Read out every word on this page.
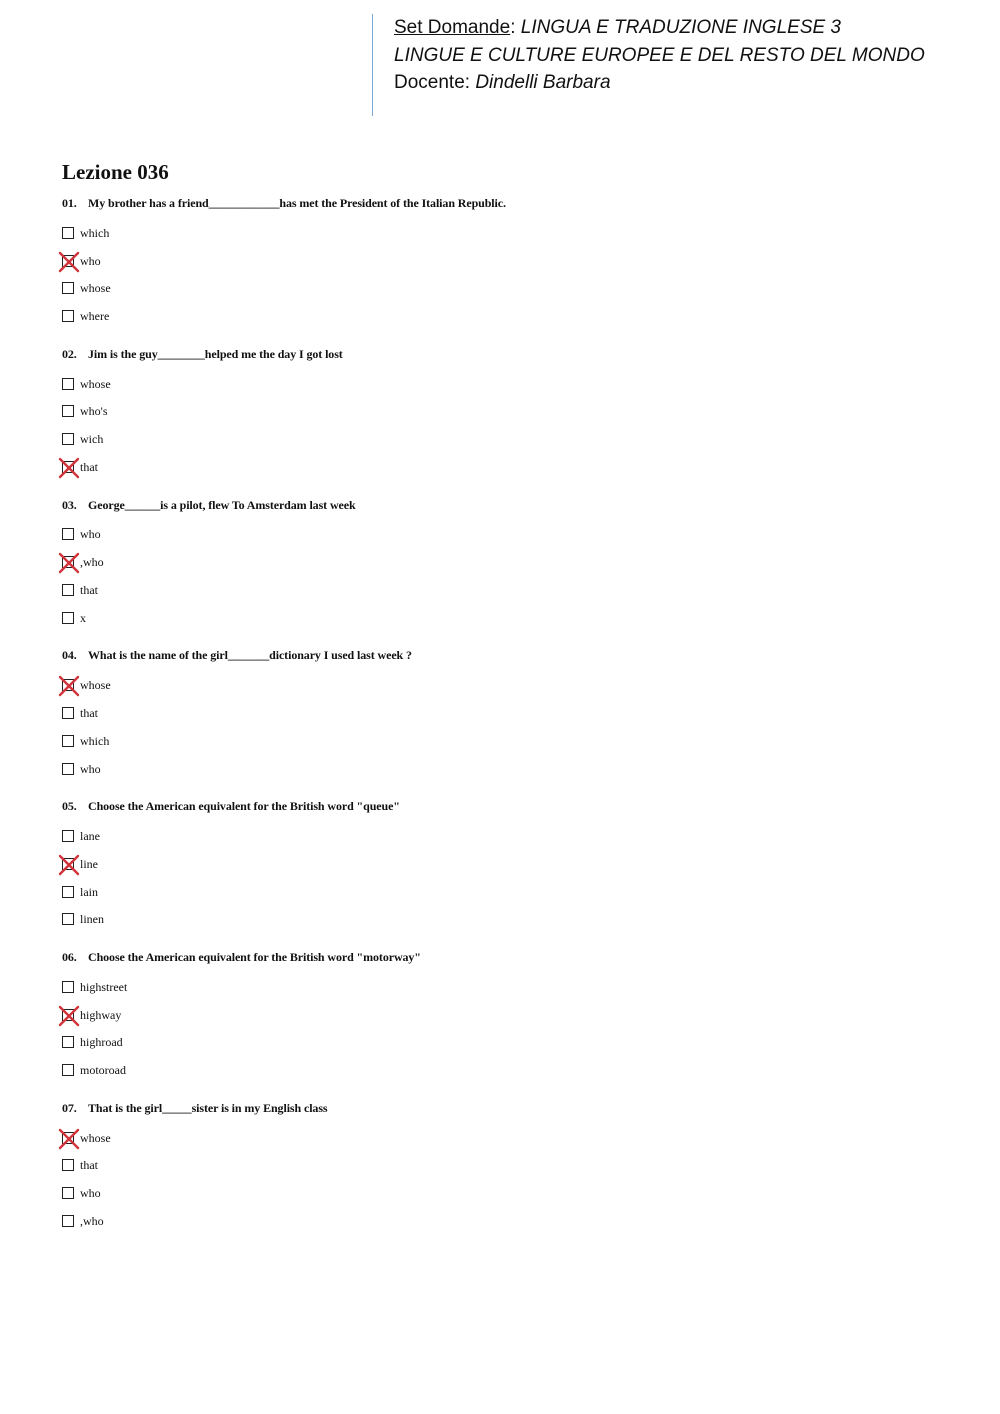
Set Domande: LINGUA E TRADUZIONE INGLESE 3
LINGUE E CULTURE EUROPEE E DEL RESTO DEL MONDO
Docente: Dindelli Barbara
Lezione 036
01. My brother has a friend____________has met the President of the Italian Republic.
which
who
whose
where
02. Jim is the guy________helped me the day I got lost
whose
who's
wich
that
03. George______is a pilot, flew To Amsterdam last week
who
,who
that
x
04. What is the name of the girl_______dictionary I used last week ?
whose
that
which
who
05. Choose the American equivalent for the British word "queue"
lane
line
lain
linen
06. Choose the American equivalent for the British word "motorway"
highstreet
highway
highroad
motoroad
07. That is the girl_____sister is in my English class
whose
that
who
,who
